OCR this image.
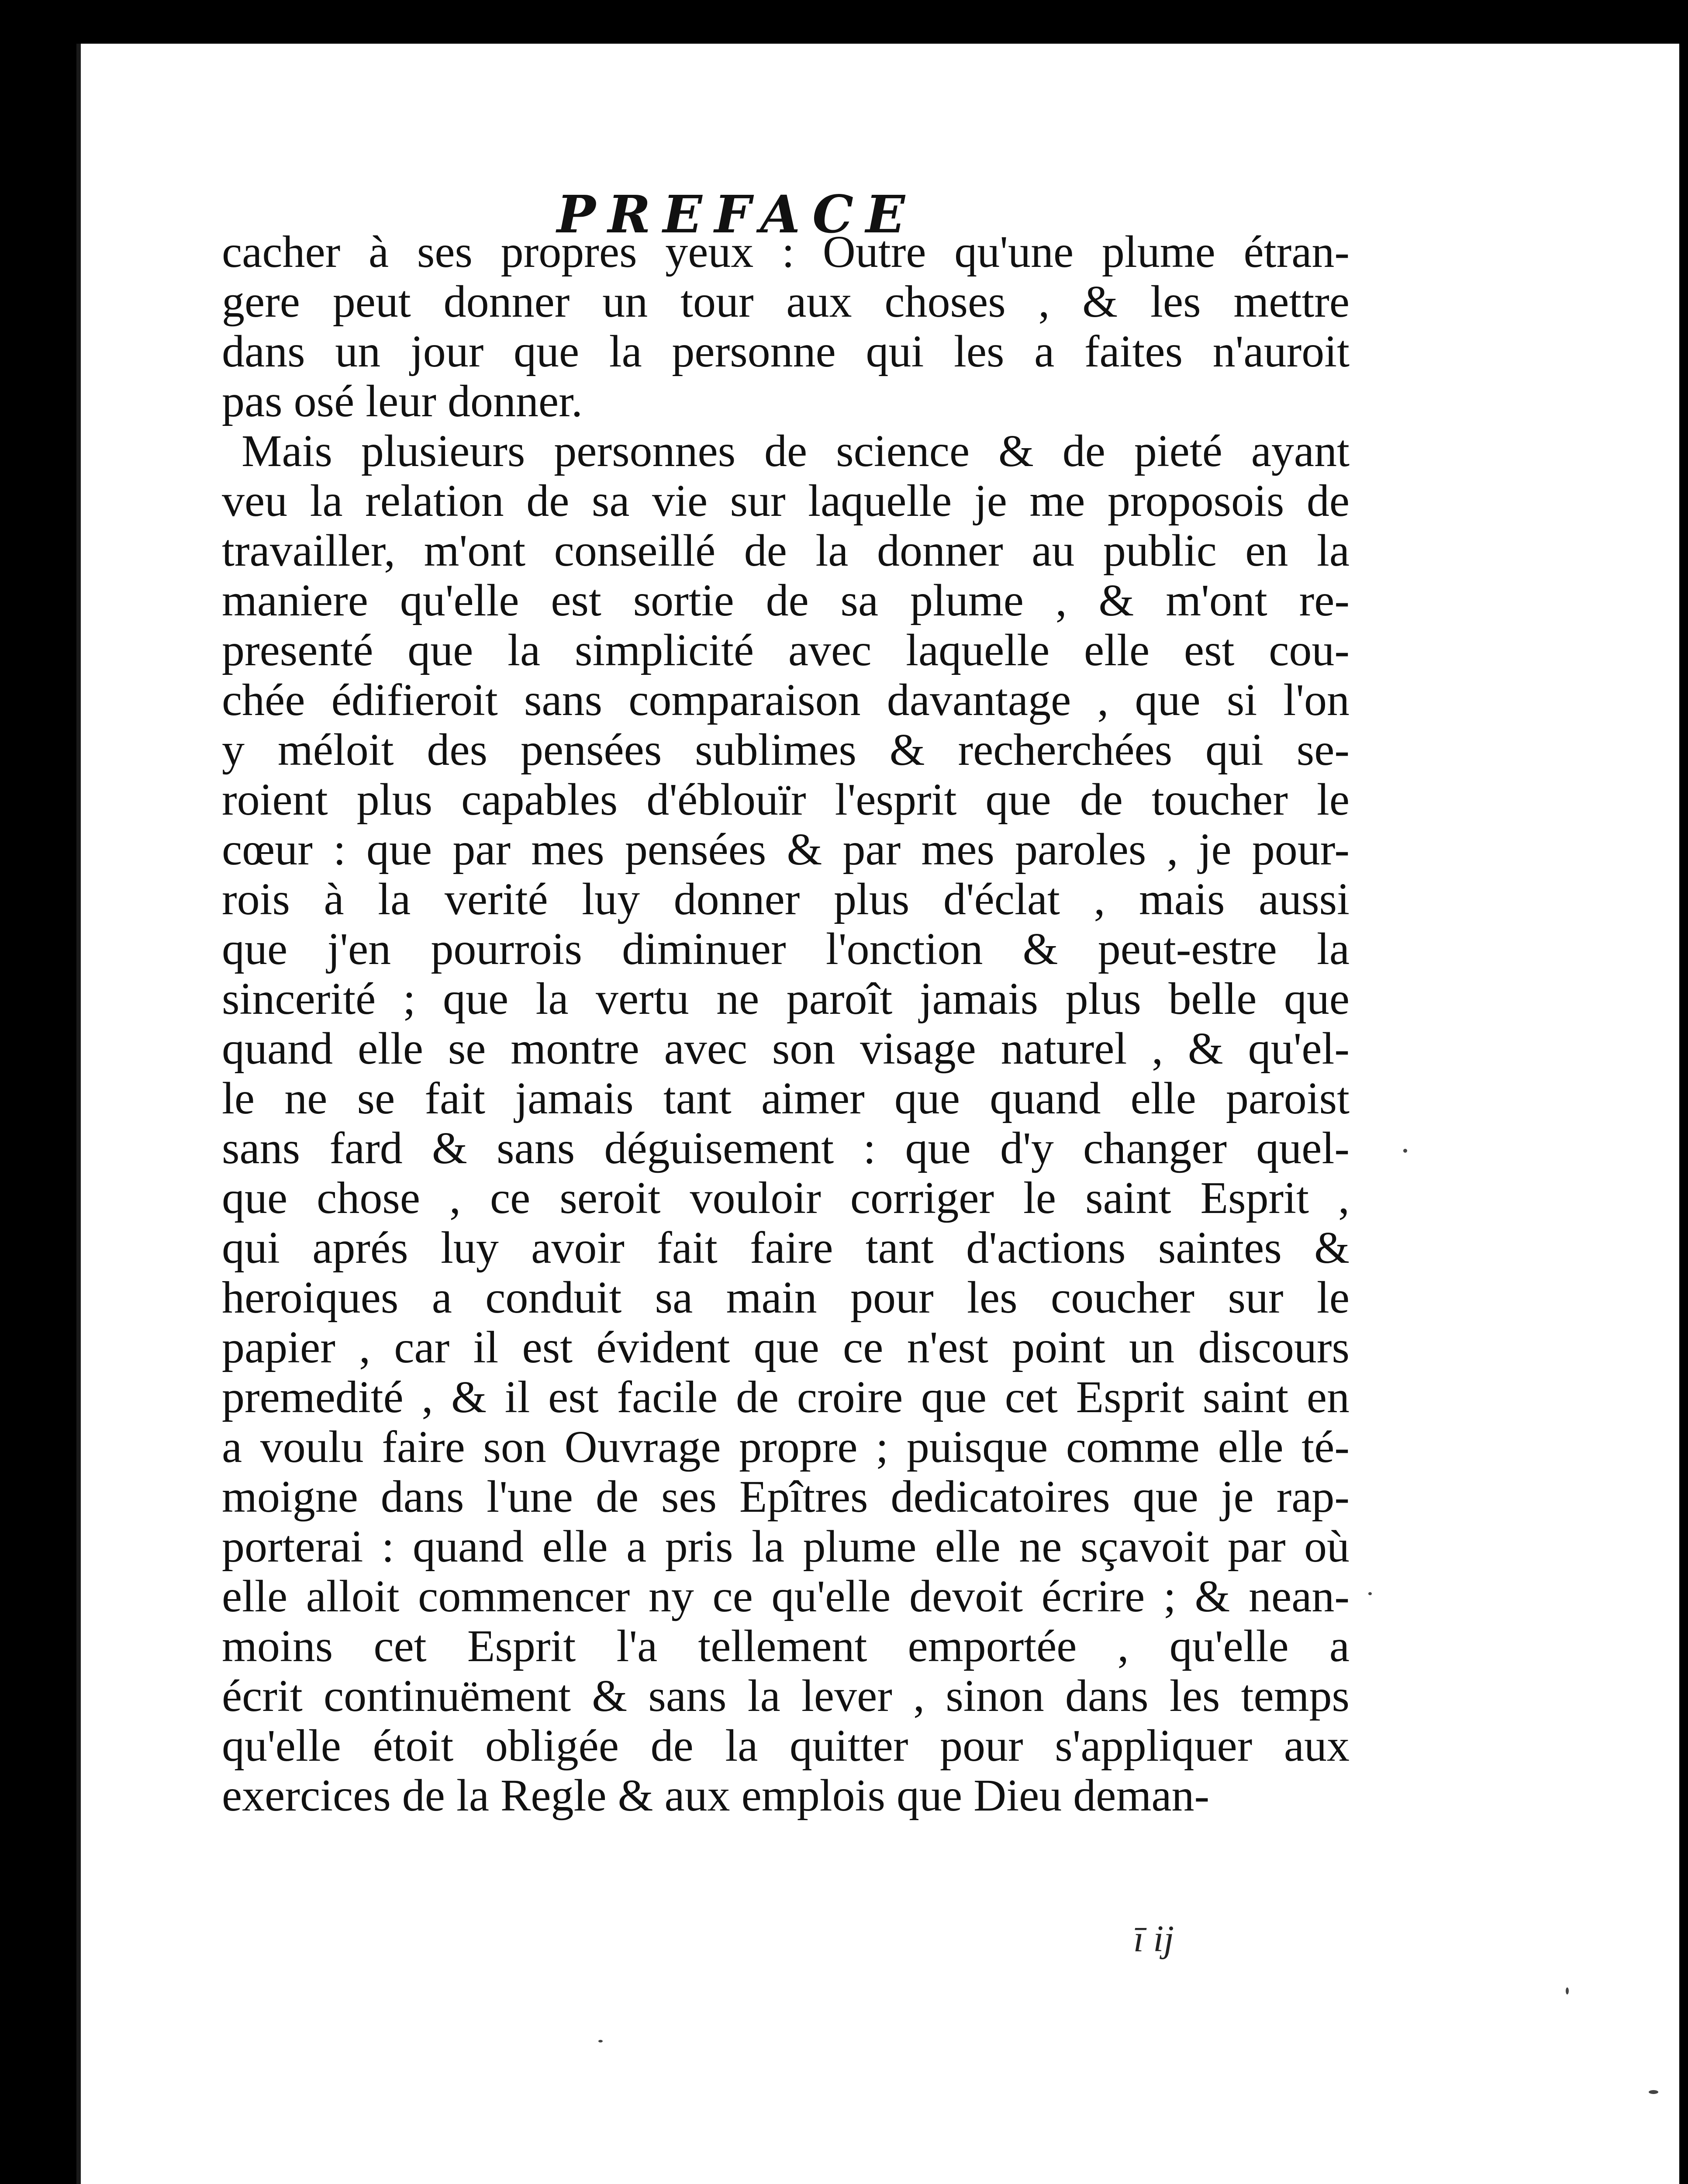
PREFACE
cacher à ses propres yeux : Outre qu'une plume étran-
gere peut donner un tour aux choses , & les mettre
dans un jour que la personne qui les a faites n'auroit
pas osé leur donner.
Mais plusieurs personnes de science & de pieté ayant
veu la relation de sa vie sur laquelle je me proposois de
travailler, m'ont conseillé de la donner au public en la
maniere qu'elle est sortie de sa plume , & m'ont re-
presenté que la simplicité avec laquelle elle est cou-
chée édifieroit sans comparaison davantage , que si l'on
y méloit des pensées sublimes & recherchées qui se-
roient plus capables d'éblouïr l'esprit que de toucher le
cœur : que par mes pensées & par mes paroles , je pour-
rois à la verité luy donner plus d'éclat , mais aussi
que j'en pourrois diminuer l'onction & peut-estre la
sincerité ; que la vertu ne paroît jamais plus belle que
quand elle se montre avec son visage naturel , & qu'el-
le ne se fait jamais tant aimer que quand elle paroist
sans fard & sans déguisement : que d'y changer quel-
que chose , ce seroit vouloir corriger le saint Esprit ,
qui aprés luy avoir fait faire tant d'actions saintes &
heroiques a conduit sa main pour les coucher sur le
papier , car il est évident que ce n'est point un discours
premedité , & il est facile de croire que cet Esprit saint en
a voulu faire son Ouvrage propre ; puisque comme elle té-
moigne dans l'une de ses Epîtres dedicatoires que je rap-
porterai : quand elle a pris la plume elle ne sçavoit par où
elle alloit commencer ny ce qu'elle devoit écrire ; & nean-
moins cet Esprit l'a tellement emportée , qu'elle a
écrit continuëment & sans la lever , sinon dans les temps
qu'elle étoit obligée de la quitter pour s'appliquer aux
exercices de la Regle & aux emplois que Dieu deman-

ī ij
